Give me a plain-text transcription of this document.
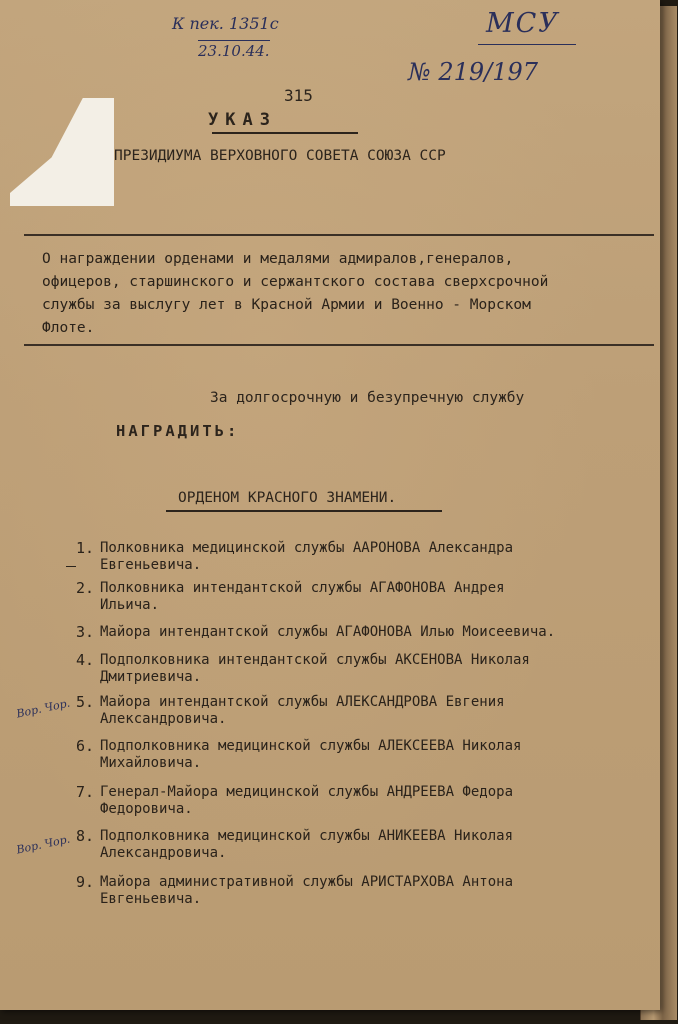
К пек. 1351с
23.10.44.
МСУ
№ 219/197
315
УКАЗ
ПРЕЗИДИУМА ВЕРХОВНОГО СОВЕТА СОЮЗА ССР
О награждении орденами и медалями адмиралов,генералов,
офицеров, старшинского и сержантского состава сверхсрочной
службы за выслугу лет в Красной Армии и Военно - Морском
Флоте.
За долгосрочную и безупречную службу
НАГРАДИТЬ:
ОРДЕНОМ КРАСНОГО ЗНАМЕНИ.
Вор. Чор.
Вор. Чор.
1. Полковника медицинской службы ААРОНОВА Александра
Евгеньевича.
2. Полковника интендантской службы АГАФОНОВА Андрея
Ильича.
3. Майора интендантской службы АГАФОНОВА Илью Моисеевича.
4. Подполковника интендантской службы АКСЕНОВА Николая
Дмитриевича.
5. Майора интендантской службы АЛЕКСАНДРОВА Евгения
Александровича.
6. Подполковника медицинской службы АЛЕКСЕЕВА Николая
Михайловича.
7. Генерал-Майора медицинской службы АНДРЕЕВА Федора
Федоровича.
8. Подполковника медицинской службы АНИКЕЕВА Николая
Александровича.
9. Майора административной службы АРИСТАРХОВА Антона
Евгеньевича.
